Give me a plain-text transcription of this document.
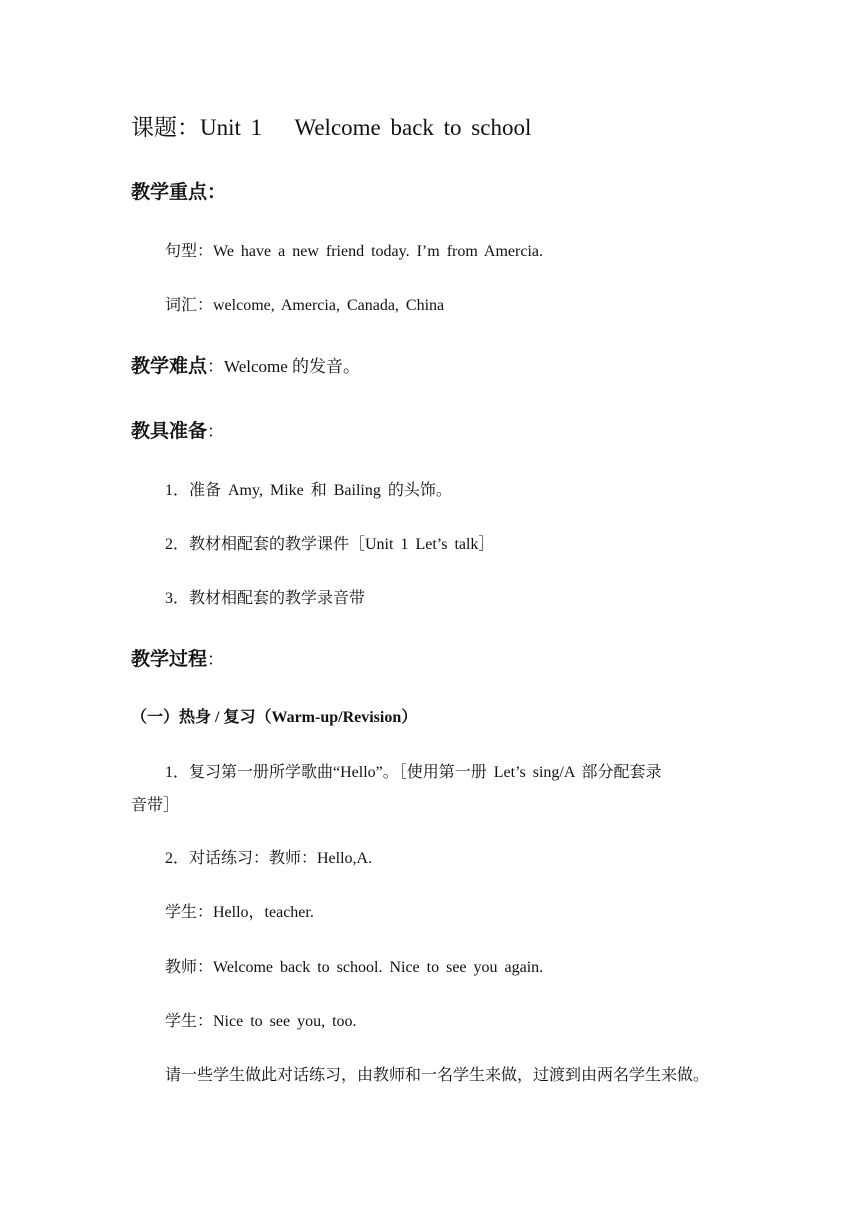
课题：Unit 1　 Welcome back to school
教学重点：
句型：We have a new friend today. I’m from Amercia.
词汇：welcome, Amercia, Canada, China
教学难点：Welcome 的发音。
教具准备：
1．准备 Amy, Mike 和 Bailing 的头饰。
2．教材相配套的教学课件［Unit 1 Let’s talk］
3．教材相配套的教学录音带
教学过程：
（一）热身 / 复习（Warm-up/Revision）
1．复习第一册所学歌曲“Hello”。［使用第一册 Let’s sing/A 部分配套录
音带］
2．对话练习：教师：Hello,A.
学生：Hello，teacher.
教师：Welcome back to school. Nice to see you again.
学生：Nice to see you, too.
请一些学生做此对话练习，由教师和一名学生来做，过渡到由两名学生来做。
